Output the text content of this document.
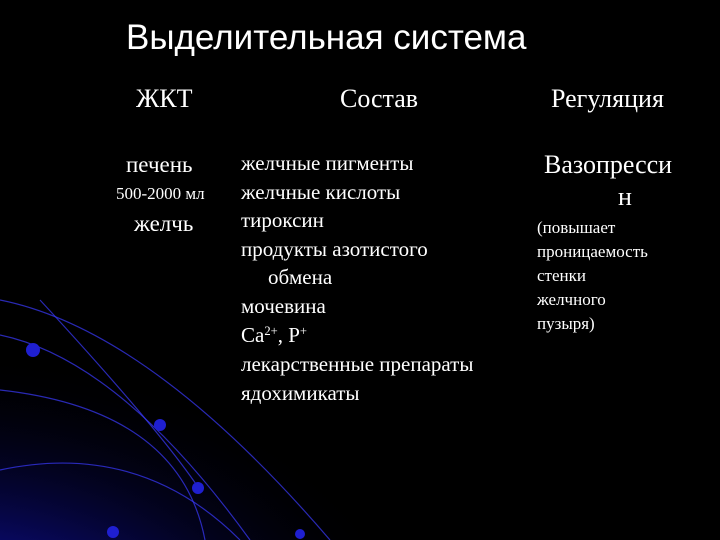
Выделительная система
ЖКТ	Состав	Регуляция
печень
500-2000 мл
желчь
желчные пигменты
желчные кислоты
тироксин
продукты азотистого
обмена
мочевина
$Ca^{2+}$, P+
лекарственные препараты
ядохимикаты
Вазопресси
н
(повышает
проницаемость
стенки
желчного
пузыря)
